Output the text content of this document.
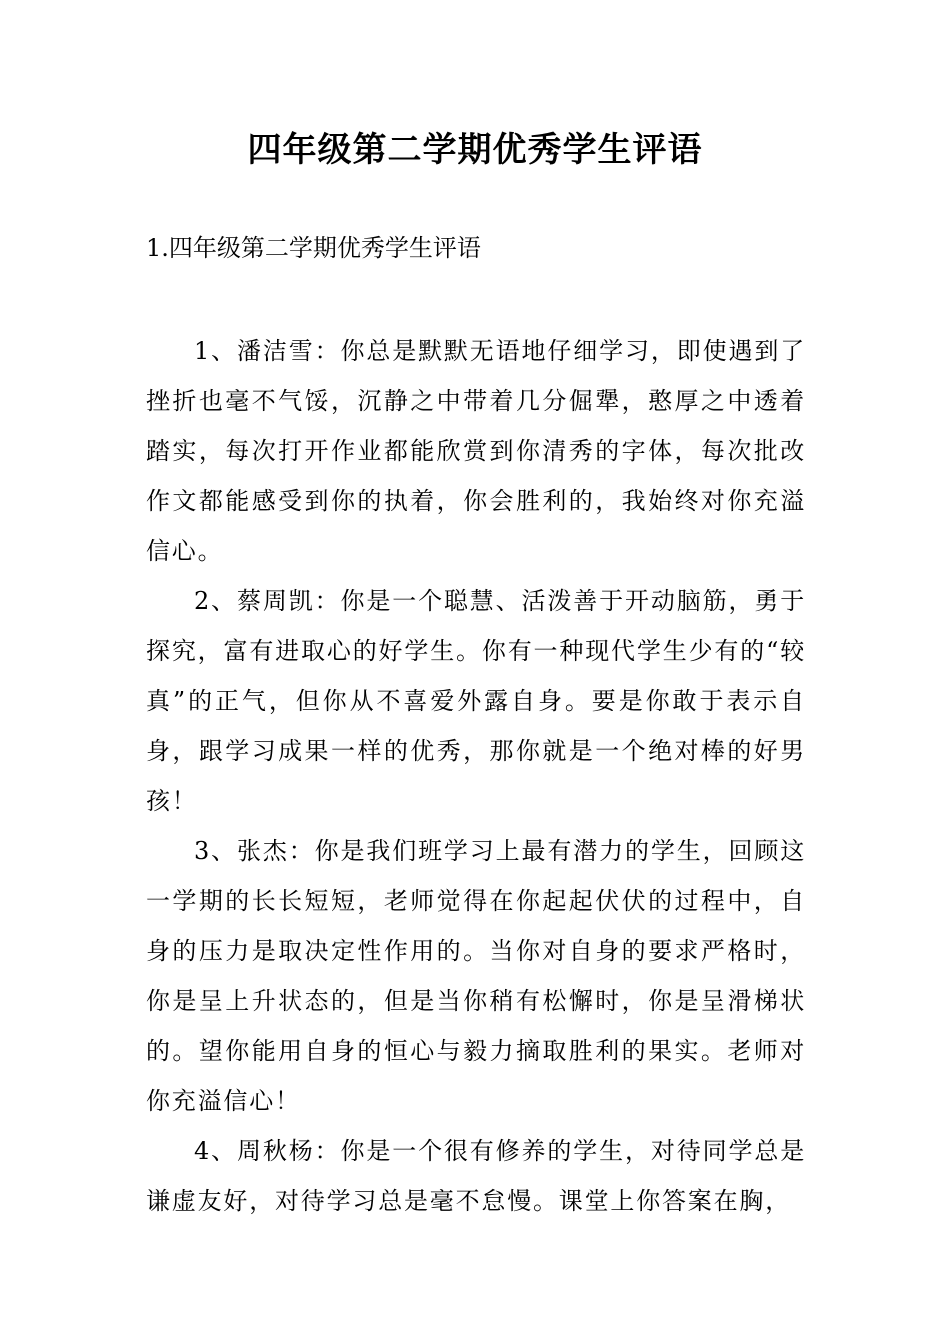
四年级第二学期优秀学生评语
1.四年级第二学期优秀学生评语

1、潘洁雪：你总是默默无语地仔细学习，即使遇到了挫折也毫不气馁，沉静之中带着几分倔犟，憨厚之中透着踏实，每次打开作业都能欣赏到你清秀的字体，每次批改作文都能感受到你的执着，你会胜利的，我始终对你充溢信心。

2、蔡周凯：你是一个聪慧、活泼善于开动脑筋，勇于探究，富有进取心的好学生。你有一种现代学生少有的“较真”的正气，但你从不喜爱外露自身。要是你敢于表示自身，跟学习成果一样的优秀，那你就是一个绝对棒的好男孩！

3、张杰：你是我们班学习上最有潜力的学生，回顾这一学期的长长短短，老师觉得在你起起伏伏的过程中，自身的压力是取决定性作用的。当你对自身的要求严格时，你是呈上升状态的，但是当你稍有松懈时，你是呈滑梯状的。望你能用自身的恒心与毅力摘取胜利的果实。老师对你充溢信心！

4、周秋杨：你是一个很有修养的学生，对待同学总是谦虚友好，对待学习总是毫不怠慢。课堂上你答案在胸，
